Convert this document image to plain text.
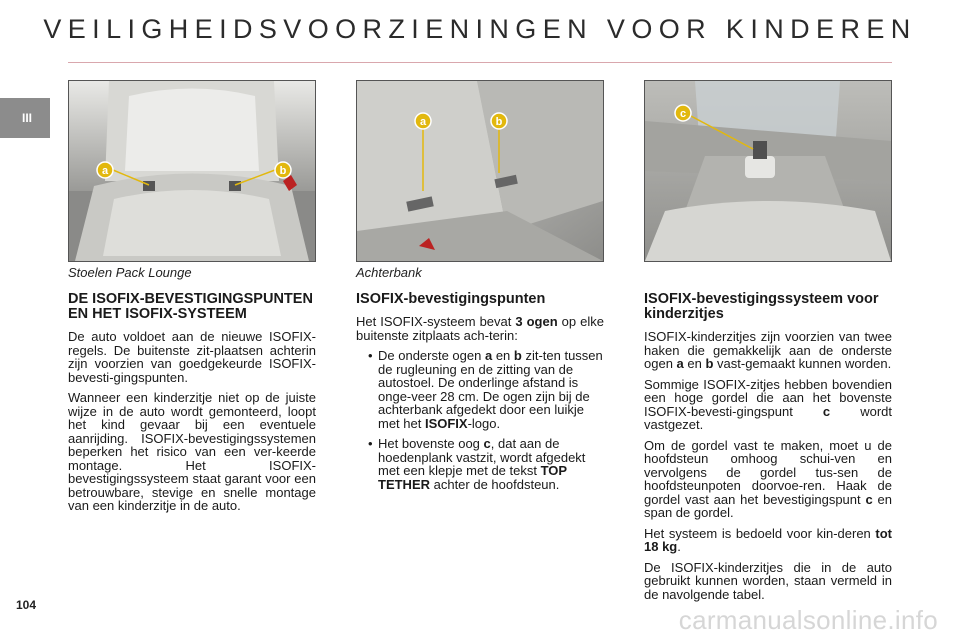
VEILIGHEIDSVOORZIENINGEN VOOR KINDEREN
III
a	b
Stoelen Pack Lounge
a	b
Achterbank
c
DE ISOFIX-BEVESTIGINGSPUNTEN EN HET ISOFIX-SYSTEEM

De auto voldoet aan de nieuwe ISOFIX-regels. De buitenste zit-plaatsen achterin zijn voorzien van goedgekeurde ISOFIX-bevesti-gingspunten.

Wanneer een kinderzitje niet op de juiste wijze in de auto wordt gemonteerd, loopt het kind gevaar bij een eventuele aanrijding. ISOFIX-bevestigingssystemen beperken het risico van een ver-keerde montage. Het ISOFIX-bevestigingssysteem staat garant voor een betrouwbare, stevige en snelle montage van een kinderzitje in de auto.

ISOFIX-bevestigingspunten

Het ISOFIX-systeem bevat 3 ogen op elke buitenste zitplaats ach-terin:

• De onderste ogen a en b zit-ten tussen de rugleuning en de zitting van de autostoel. De onderlinge afstand is onge-veer 28 cm. De ogen zijn bij de achterbank afgedekt door een luikje met het ISOFIX-logo.
• Het bovenste oog c, dat aan de hoedenplank vastzit, wordt afgedekt met een klepje met de tekst TOP TETHER achter de hoofdsteun.
ISOFIX-bevestigingssysteem voor kinderzitjes

ISOFIX-kinderzitjes zijn voorzien van twee haken die gemakkelijk aan de onderste ogen a en b vast-gemaakt kunnen worden.

Sommige ISOFIX-zitjes hebben bovendien een hoge gordel die aan het bovenste ISOFIX-bevesti-gingspunt c wordt vastgezet.

Om de gordel vast te maken, moet u de hoofdsteun omhoog schui-ven en vervolgens de gordel tus-sen de hoofdsteunpoten doorvoe-ren. Haak de gordel vast aan het bevestigingspunt c en span de gordel.

Het systeem is bedoeld voor kin-deren tot 18 kg.

De ISOFIX-kinderzitjes die in de auto gebruikt kunnen worden, staan vermeld in de navolgende tabel.

104	carmanualsonline.info
